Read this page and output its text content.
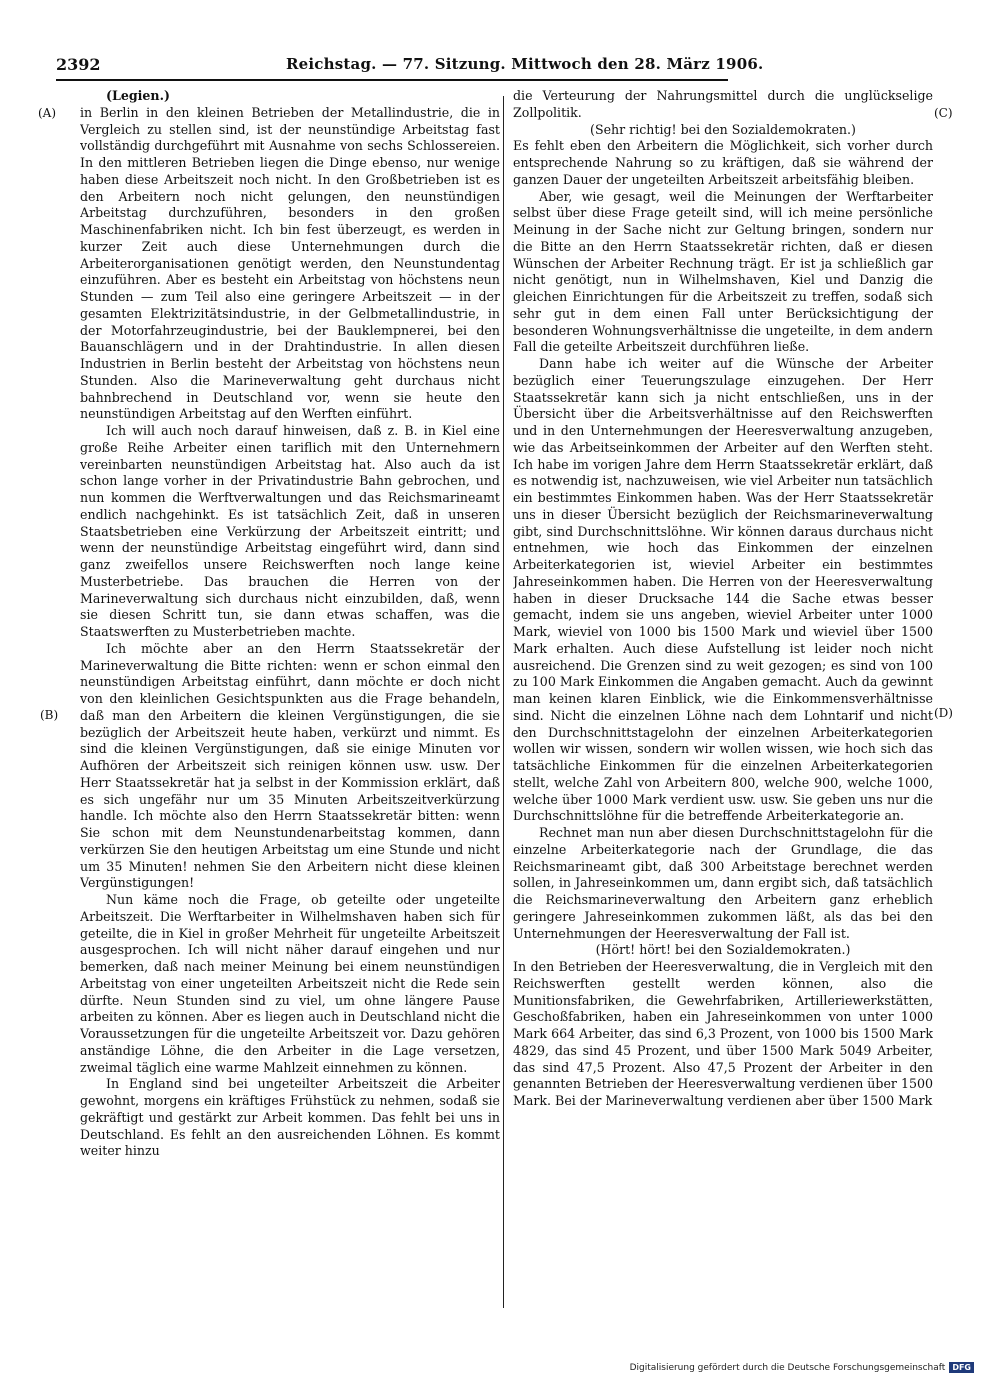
2392	Reichstag. — 77. Sitzung. Mittwoch den 28. März 1906.
(A)
(B)
(C)
(D)

(Legien.)

in Berlin in den kleinen Betrieben der Metallindustrie, die in Vergleich zu stellen sind, ist der neunstündige Arbeitstag fast vollständig durchgeführt mit Ausnahme von sechs Schlossereien. In den mittleren Betrieben liegen die Dinge ebenso, nur wenige haben diese Arbeitszeit noch nicht. In den Großbetrieben ist es den Arbeitern noch nicht gelungen, den neunstündigen Arbeitstag durchzuführen, besonders in den großen Maschinenfabriken nicht. Ich bin fest überzeugt, es werden in kurzer Zeit auch diese Unternehmungen durch die Arbeiterorganisationen genötigt werden, den Neunstundentag einzuführen. Aber es besteht ein Arbeitstag von höchstens neun Stunden — zum Teil also eine geringere Arbeitszeit — in der gesamten Elektrizitätsindustrie, in der Gelbmetallindustrie, in der Motorfahrzeugindustrie, bei der Bauklempnerei, bei den Bauanschlägern und in der Drahtindustrie. In allen diesen Industrien in Berlin besteht der Arbeitstag von höchstens neun Stunden. Also die Marineverwaltung geht durchaus nicht bahnbrechend in Deutschland vor, wenn sie heute den neunstündigen Arbeitstag auf den Werften einführt.

Ich will auch noch darauf hinweisen, daß z. B. in Kiel eine große Reihe Arbeiter einen tariflich mit den Unternehmern vereinbarten neunstündigen Arbeitstag hat. Also auch da ist schon lange vorher in der Privatindustrie Bahn gebrochen, und nun kommen die Werftverwaltungen und das Reichsmarineamt endlich nachgehinkt. Es ist tatsächlich Zeit, daß in unseren Staatsbetrieben eine Verkürzung der Arbeitszeit eintritt; und wenn der neunstündige Arbeitstag eingeführt wird, dann sind ganz zweifellos unsere Reichswerften noch lange keine Musterbetriebe. Das brauchen die Herren von der Marineverwaltung sich durchaus nicht einzubilden, daß, wenn sie diesen Schritt tun, sie dann etwas schaffen, was die Staatswerften zu Musterbetrieben machte.

Ich möchte aber an den Herrn Staatssekretär der Marineverwaltung die Bitte richten: wenn er schon einmal den neunstündigen Arbeitstag einführt, dann möchte er doch nicht von den kleinlichen Gesichtspunkten aus die Frage behandeln, daß man den Arbeitern die kleinen Vergünstigungen, die sie bezüglich der Arbeitszeit heute haben, verkürzt und nimmt. Es sind die kleinen Vergünstigungen, daß sie einige Minuten vor Aufhören der Arbeitszeit sich reinigen können usw. usw. Der Herr Staatssekretär hat ja selbst in der Kommission erklärt, daß es sich ungefähr nur um 35 Minuten Arbeitszeitverkürzung handle. Ich möchte also den Herrn Staatssekretär bitten: wenn Sie schon mit dem Neunstundenarbeitstag kommen, dann verkürzen Sie den heutigen Arbeitstag um eine Stunde und nicht um 35 Minuten! nehmen Sie den Arbeitern nicht diese kleinen Vergünstigungen!

Nun käme noch die Frage, ob geteilte oder ungeteilte Arbeitszeit. Die Werftarbeiter in Wilhelmshaven haben sich für geteilte, die in Kiel in großer Mehrheit für ungeteilte Arbeitszeit ausgesprochen. Ich will nicht näher darauf eingehen und nur bemerken, daß nach meiner Meinung bei einem neunstündigen Arbeitstag von einer ungeteilten Arbeitszeit nicht die Rede sein dürfte. Neun Stunden sind zu viel, um ohne längere Pause arbeiten zu können. Aber es liegen auch in Deutschland nicht die Voraussetzungen für die ungeteilte Arbeitszeit vor. Dazu gehören anständige Löhne, die den Arbeiter in die Lage versetzen, zweimal täglich eine warme Mahlzeit einnehmen zu können.

In England sind bei ungeteilter Arbeitszeit die Arbeiter gewohnt, morgens ein kräftiges Frühstück zu nehmen, sodaß sie gekräftigt und gestärkt zur Arbeit kommen. Das fehlt bei uns in Deutschland. Es fehlt an den ausreichenden Löhnen. Es kommt weiter hinzu

die Verteurung der Nahrungsmittel durch die unglückselige Zollpolitik.

(Sehr richtig! bei den Sozialdemokraten.)

Es fehlt eben den Arbeitern die Möglichkeit, sich vorher durch entsprechende Nahrung so zu kräftigen, daß sie während der ganzen Dauer der ungeteilten Arbeitszeit arbeitsfähig bleiben.

Aber, wie gesagt, weil die Meinungen der Werftarbeiter selbst über diese Frage geteilt sind, will ich meine persönliche Meinung in der Sache nicht zur Geltung bringen, sondern nur die Bitte an den Herrn Staatssekretär richten, daß er diesen Wünschen der Arbeiter Rechnung trägt. Er ist ja schließlich gar nicht genötigt, nun in Wilhelmshaven, Kiel und Danzig die gleichen Einrichtungen für die Arbeitszeit zu treffen, sodaß sich sehr gut in dem einen Fall unter Berücksichtigung der besonderen Wohnungsverhältnisse die ungeteilte, in dem andern Fall die geteilte Arbeitszeit durchführen ließe.

Dann habe ich weiter auf die Wünsche der Arbeiter bezüglich einer Teuerungszulage einzugehen. Der Herr Staatssekretär kann sich ja nicht entschließen, uns in der Übersicht über die Arbeitsverhältnisse auf den Reichswerften und in den Unternehmungen der Heeresverwaltung anzugeben, wie das Arbeitseinkommen der Arbeiter auf den Werften steht. Ich habe im vorigen Jahre dem Herrn Staatssekretär erklärt, daß es notwendig ist, nachzuweisen, wie viel Arbeiter nun tatsächlich ein bestimmtes Einkommen haben. Was der Herr Staatssekretär uns in dieser Übersicht bezüglich der Reichsmarineverwaltung gibt, sind Durchschnittslöhne. Wir können daraus durchaus nicht entnehmen, wie hoch das Einkommen der einzelnen Arbeiterkategorien ist, wieviel Arbeiter ein bestimmtes Jahreseinkommen haben. Die Herren von der Heeresverwaltung haben in dieser Drucksache 144 die Sache etwas besser gemacht, indem sie uns angeben, wieviel Arbeiter unter 1000 Mark, wieviel von 1000 bis 1500 Mark und wieviel über 1500 Mark erhalten. Auch diese Aufstellung ist leider noch nicht ausreichend. Die Grenzen sind zu weit gezogen; es sind von 100 zu 100 Mark Einkommen die Angaben gemacht. Auch da gewinnt man keinen klaren Einblick, wie die Einkommensverhältnisse sind. Nicht die einzelnen Löhne nach dem Lohntarif und nicht den Durchschnittstagelohn der einzelnen Arbeiterkategorien wollen wir wissen, sondern wir wollen wissen, wie hoch sich das tatsächliche Einkommen für die einzelnen Arbeiterkategorien stellt, welche Zahl von Arbeitern 800, welche 900, welche 1000, welche über 1000 Mark verdient usw. usw. Sie geben uns nur die Durchschnittslöhne für die betreffende Arbeiterkategorie an.

Rechnet man nun aber diesen Durchschnittstagelohn für die einzelne Arbeiterkategorie nach der Grundlage, die das Reichsmarineamt gibt, daß 300 Arbeitstage berechnet werden sollen, in Jahreseinkommen um, dann ergibt sich, daß tatsächlich die Reichsmarineverwaltung den Arbeitern ganz erheblich geringere Jahreseinkommen zukommen läßt, als das bei den Unternehmungen der Heeresverwaltung der Fall ist.

(Hört! hört! bei den Sozialdemokraten.)

In den Betrieben der Heeresverwaltung, die in Vergleich mit den Reichswerften gestellt werden können, also die Munitionsfabriken, die Gewehrfabriken, Artilleriewerkstätten, Geschoßfabriken, haben ein Jahreseinkommen von unter 1000 Mark 664 Arbeiter, das sind 6,3 Prozent, von 1000 bis 1500 Mark 4829, das sind 45 Prozent, und über 1500 Mark 5049 Arbeiter, das sind 47,5 Prozent. Also 47,5 Prozent der Arbeiter in den genannten Betrieben der Heeresverwaltung verdienen über 1500 Mark. Bei der Marineverwaltung verdienen aber über 1500 Mark

Digitalisierung gefördert durch die Deutsche Forschungsgemeinschaft DFG
